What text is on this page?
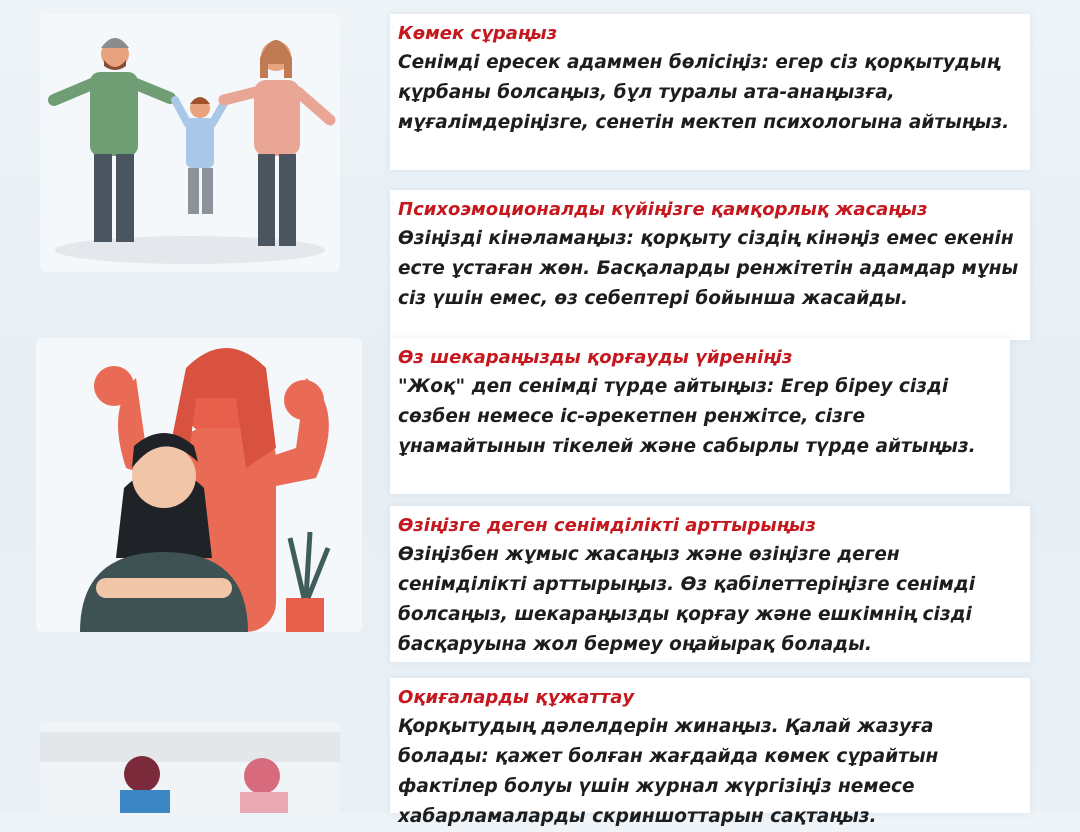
Көмек сұраңыз

Сенімді ересек адаммен бөлісіңіз: егер сіз қорқытудың құрбаны болсаңыз, бұл туралы ата-анаңызға, мұғалімдеріңізге, сенетін мектеп психологына айтыңыз.

Психоэмоционалды күйіңізге қамқорлық жасаңыз

Өзіңізді кінәламаңыз: қорқыту сіздің кінәңіз емес екенін есте ұстаған жөн. Басқаларды ренжітетін адамдар мұны сіз үшін емес, өз себептері бойынша жасайды.

Өз шекараңызды қорғауды үйреніңіз

"Жоқ" деп сенімді түрде айтыңыз: Егер біреу сізді сөзбен немесе іс-әрекетпен ренжітсе, сізге ұнамайтынын тікелей және сабырлы түрде айтыңыз.

Өзіңізге деген сенімділікті арттырыңыз

Өзіңізбен жұмыс жасаңыз және өзіңізге деген сенімділікті арттырыңыз. Өз қабілеттеріңізге сенімді болсаңыз, шекараңызды қорғау және ешкімнің сізді басқаруына жол бермеу оңайырақ болады.

Оқиғаларды құжаттау

Қорқытудың дәлелдерін жинаңыз. Қалай жазуға болады: қажет болған жағдайда көмек сұрайтын фактілер болуы үшін журнал жүргізіңіз немесе хабарламаларды скриншоттарын сақтаңыз.
